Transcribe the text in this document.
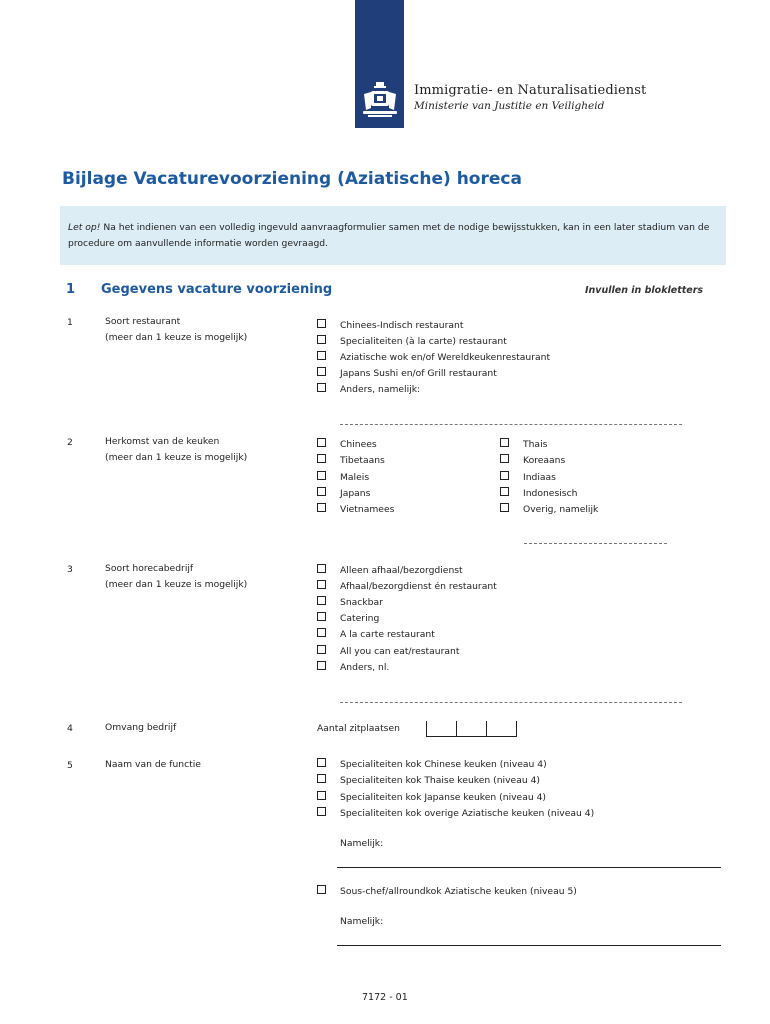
Immigratie- en Naturalisatiedienst
Ministerie van Justitie en Veiligheid
Bijlage Vacaturevoorziening (Aziatische) horeca
Let op! Na het indienen van een volledig ingevuld aanvraagformulier samen met de nodige bewijsstukken, kan in een later stadium van de procedure om aanvullende informatie worden gevraagd.
1 Gegevens vacature voorziening	Invullen in blokletters
1	Soort restaurant
(meer dan 1 keuze is mogelijk)
Chinees-Indisch restaurant
Specialiteiten (à la carte) restaurant
Aziatische wok en/of Wereldkeukenrestaurant
Japans Sushi en/of Grill restaurant
Anders, namelijk:
2	Herkomst van de keuken
(meer dan 1 keuze is mogelijk)
Chinees
Tibetaans
Maleis
Japans
Vietnamees
Thais
Koreaans
Indiaas
Indonesisch
Overig, namelijk
3	Soort horecabedrijf
(meer dan 1 keuze is mogelijk)
Alleen afhaal/bezorgdienst
Afhaal/bezorgdienst én restaurant
Snackbar
Catering
A la carte restaurant
All you can eat/restaurant
Anders, nl.
4	Omvang bedrijf	Aantal zitplaatsen
5	Naam van de functie	Specialiteiten kok Chinese keuken (niveau 4)
Specialiteiten kok Thaise keuken (niveau 4)
Specialiteiten kok Japanse keuken (niveau 4)
Specialiteiten kok overige Aziatische keuken (niveau 4)
Namelijk:
Sous-chef/allroundkok Aziatische keuken (niveau 5)
Namelijk:
7172 - 01
